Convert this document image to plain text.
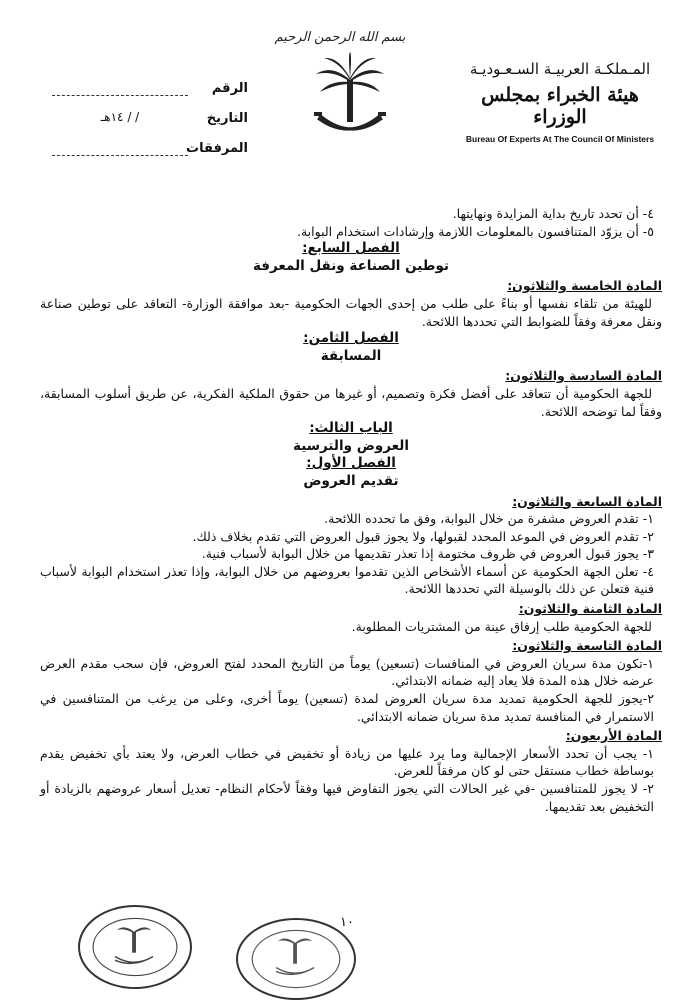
بسم الله الرحمن الرحيم
الرقم
التاريخ
/ / ١٤هـ
المرفقات
المـملكـة العربيـة السـعـوديـة
هيئة الخبراء بمجلس الوزراء
Bureau Of Experts At The Council Of Ministers

٤- أن تحدد تاريخ بداية المزايدة ونهايتها.

٥- أن يزوّد المتنافسون بالمعلومات اللازمة وإرشادات استخدام البوابة.

الفصل السابع:

توطين الصناعة ونقل المعرفة

المادة الخامسة والثلاثون:

للهيئة من تلقاء نفسها أو بناءً على طلب من إحدى الجهات الحكومية -بعد موافقة الوزارة- التعاقد على توطين صناعة ونقل معرفة وفقاً للضوابط التي تحددها اللائحة.

الفصل الثامن:

المسابقة

المادة السادسة والثلاثون:

للجهة الحكومية أن تتعاقد على أفضل فكرة وتصميم، أو غيرها من حقوق الملكية الفكرية، عن طريق أسلوب المسابقة، وفقاً لما توضحه اللائحة.

الباب الثالث:

العروض والترسية

الفصل الأول:

تقديم العروض

المادة السابعة والثلاثون:

١- تقدم العروض مشفرة من خلال البوابة، وفق ما تحدده اللائحة.

٢- تقدم العروض في الموعد المحدد لقبولها، ولا يجوز قبول العروض التي تقدم بخلاف ذلك.

٣- يجوز قبول العروض في ظروف مختومة إذا تعذر تقديمها من خلال البوابة لأسباب فنية.

٤- تعلن الجهة الحكومية عن أسماء الأشخاص الذين تقدموا بعروضهم من خلال البوابة، وإذا تعذر استخدام البوابة لأسباب فنية فتعلن عن ذلك بالوسيلة التي تحددها اللائحة.

المادة الثامنة والثلاثون:

للجهة الحكومية طلب إرفاق عينة من المشتريات المطلوبة.

المادة التاسعة والثلاثون:

١-تكون مدة سريان العروض في المنافسات (تسعين) يوماً من التاريخ المحدد لفتح العروض، فإن سحب مقدم العرض عرضه خلال هذه المدة فلا يعاد إليه ضمانه الابتدائي.

٢-يجوز للجهة الحكومية تمديد مدة سريان العروض لمدة (تسعين) يوماً أخرى، وعلى من يرغب من المتنافسين في الاستمرار في المنافسة تمديد مدة سريان ضمانه الابتدائي.

المادة الأربعون:

١- يجب أن تحدد الأسعار الإجمالية وما يرد عليها من زيادة أو تخفيض في خطاب العرض، ولا يعتد بأي تخفيض يقدم بوساطة خطاب مستقل حتى لو كان مرفقاً للعرض.

٢- لا يجوز للمتنافسين -في غير الحالات التي يجوز التفاوض فيها وفقاً لأحكام النظام- تعديل أسعار عروضهم بالزيادة أو التخفيض بعد تقديمها.

١٠
